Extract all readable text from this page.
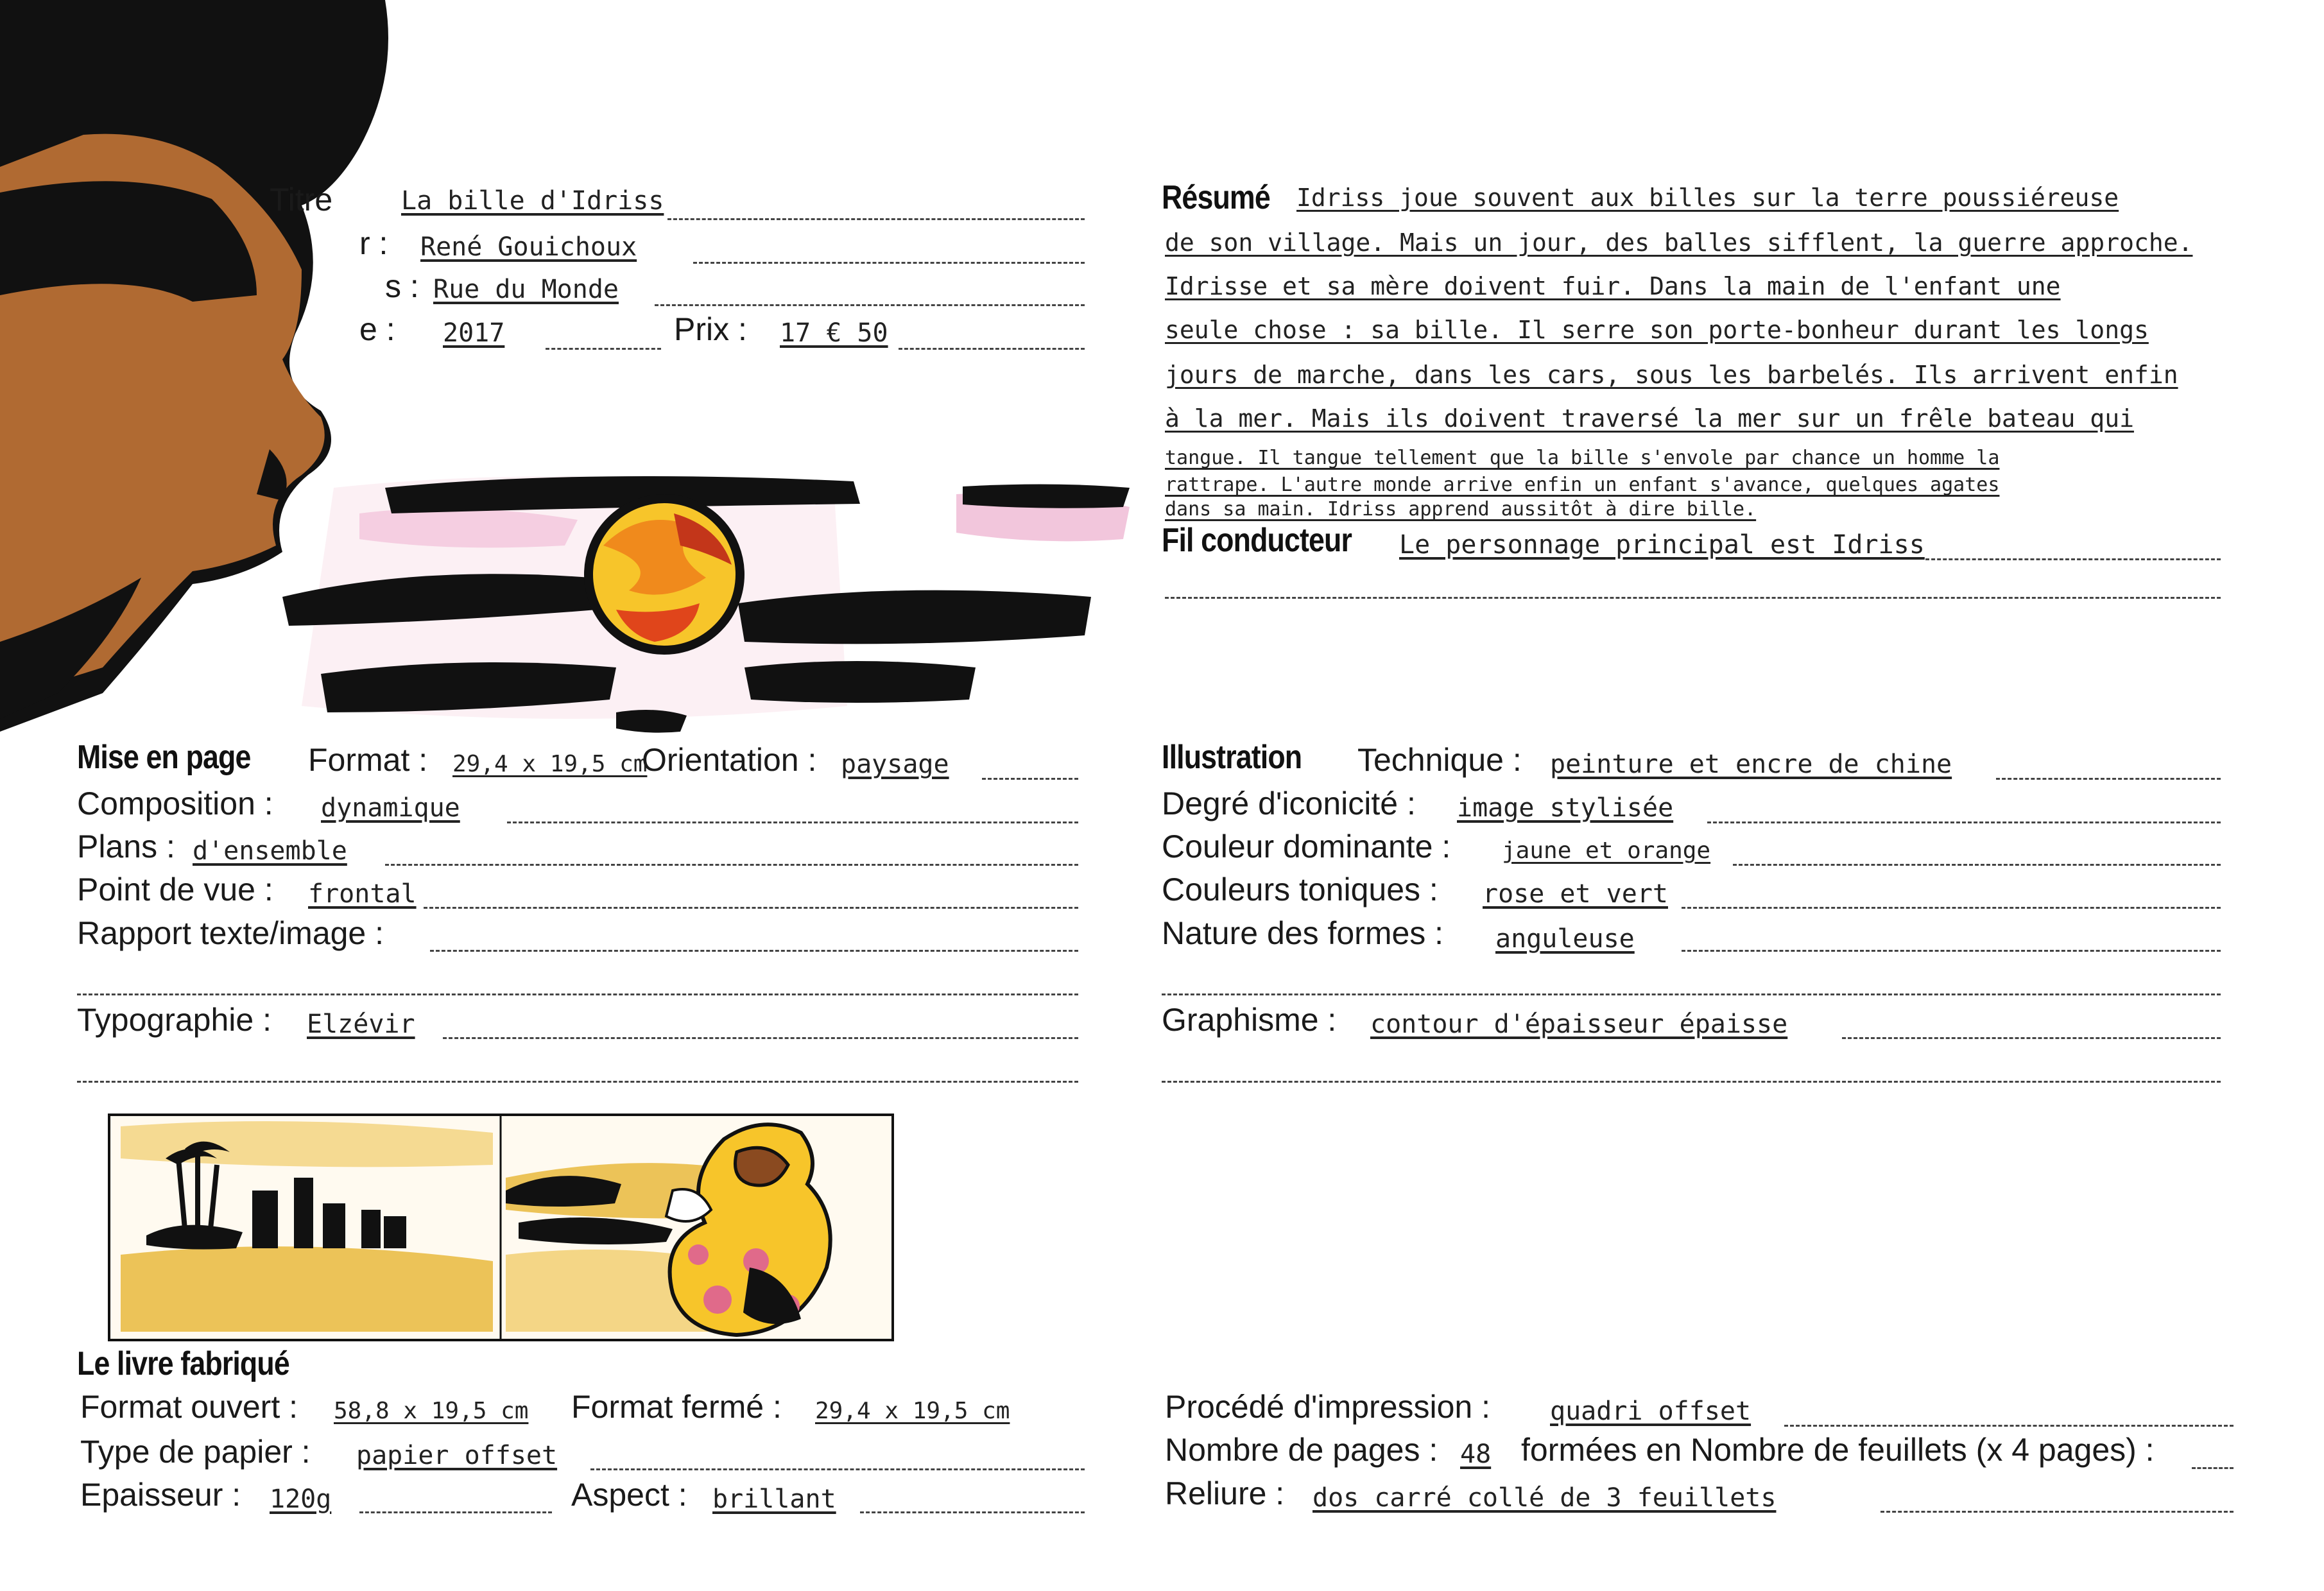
Titre	La bille d'Idriss
r : René Gouichoux
s : Rue du Monde
e : 2017	Prix : 17 € 50
Résumé Idriss joue souvent aux billes sur la terre poussiéreuse
de son village. Mais un jour, des balles sifflent, la guerre approche.
Idrisse et sa mère doivent fuir. Dans la main de l'enfant une
seule chose : sa bille. Il serre son porte-bonheur durant les longs
jours de marche, dans les cars, sous les barbelés. Ils arrivent enfin
à la mer. Mais ils doivent traversé la mer sur un frêle bateau qui
tangue. Il tangue tellement que la bille s'envole par chance un homme la
rattrape. L'autre monde arrive enfin un enfant s'avance, quelques agates
dans sa main. Idriss apprend aussitôt à dire bille.
Fil conducteur Le personnage principal est Idriss
Mise en page Format : 29,4 x 19,5 cm
Orientation : paysage
Composition : dynamique
Plans : d'ensemble
Point de vue : frontal
Rapport texte/image :
Typographie : Elzévir
Illustration Technique : peinture et encre de chine
Degré d'iconicité : image stylisée
Couleur dominante : jaune et orange
Couleurs toniques : rose et vert
Nature des formes : anguleuse
Graphisme : contour d'épaisseur épaisse
Le livre fabriqué
Format ouvert : 58,8 x 19,5 cm Format fermé : 29,4 x 19,5 cm
Type de papier : papier offset
Epaisseur : 120g	Aspect : brillant
Procédé d'impression : quadri offset
Nombre de pages : 48 formées en Nombre de feuillets (x 4 pages) :
Reliure : dos carré collé de 3 feuillets
